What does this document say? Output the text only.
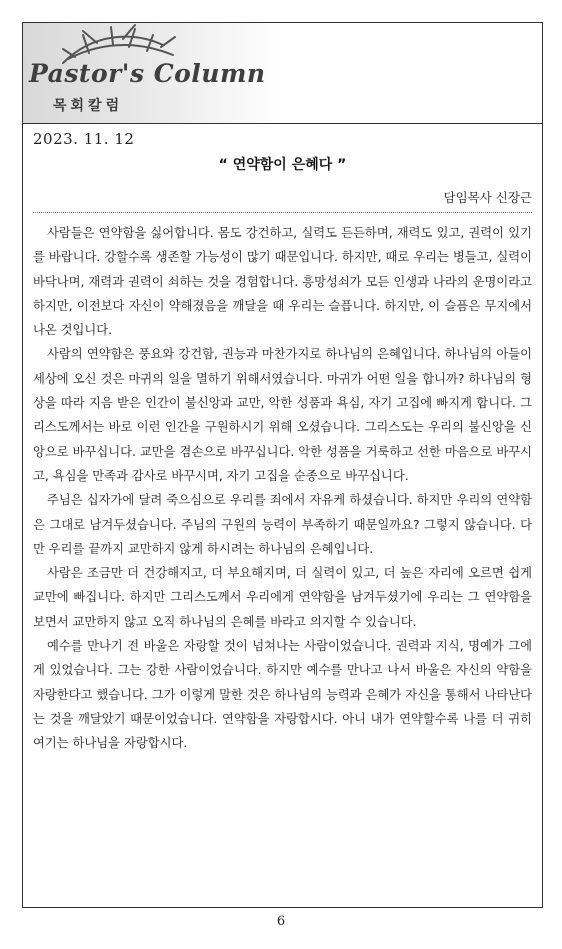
Pastor's Column
목회칼럼
2023. 11. 12
“ 연약함이 은혜다 ”
담임목사 신장근

사람들은 연약함을 싫어합니다. 몸도 강건하고, 실력도 든든하며, 재력도 있고, 권력이 있기를 바랍니다. 강할수록 생존할 가능성이 많기 때문입니다. 하지만, 때로 우리는 병들고, 실력이 바닥나며, 재력과 권력이 쇠하는 것을 경험합니다. 흥망성쇠가 모든 인생과 나라의 운명이라고 하지만, 이전보다 자신이 약해졌음을 깨달을 때 우리는 슬픕니다. 하지만, 이 슬픔은 무지에서 나온 것입니다.

사람의 연약함은 풍요와 강건함, 권능과 마찬가지로 하나님의 은혜입니다. 하나님의 아들이 세상에 오신 것은 마귀의 일을 멸하기 위해서였습니다. 마귀가 어떤 일을 합니까? 하나님의 형상을 따라 지음 받은 인간이 불신앙과 교만, 악한 성품과 욕심, 자기 고집에 빠지게 합니다. 그리스도께서는 바로 이런 인간을 구원하시기 위해 오셨습니다. 그리스도는 우리의 불신앙을 신앙으로 바꾸십니다. 교만을 겸손으로 바꾸십니다. 악한 성품을 거룩하고 선한 마음으로 바꾸시고, 욕심을 만족과 감사로 바꾸시며, 자기 고집을 순종으로 바꾸십니다.

주님은 십자가에 달려 죽으심으로 우리를 죄에서 자유케 하셨습니다. 하지만 우리의 연약함은 그대로 남겨두셨습니다. 주님의 구원의 능력이 부족하기 때문일까요? 그렇지 않습니다. 다만 우리를 끝까지 교만하지 않게 하시려는 하나님의 은혜입니다.

사람은 조금만 더 건강해지고, 더 부요해지며, 더 실력이 있고, 더 높은 자리에 오르면 쉽게 교만에 빠집니다. 하지만 그리스도께서 우리에게 연약함을 남겨두셨기에 우리는 그 연약함을 보면서 교만하지 않고 오직 하나님의 은혜를 바라고 의지할 수 있습니다.

예수를 만나기 전 바울은 자랑할 것이 넘쳐나는 사람이었습니다. 권력과 지식, 명예가 그에게 있었습니다. 그는 강한 사람이었습니다. 하지만 예수를 만나고 나서 바울은 자신의 약함을 자랑한다고 했습니다. 그가 이렇게 말한 것은 하나님의 능력과 은혜가 자신을 통해서 나타난다는 것을 깨달았기 때문이었습니다. 연약함을 자랑합시다. 아니 내가 연약할수록 나를 더 귀히 여기는 하나님을 자랑합시다.

6
